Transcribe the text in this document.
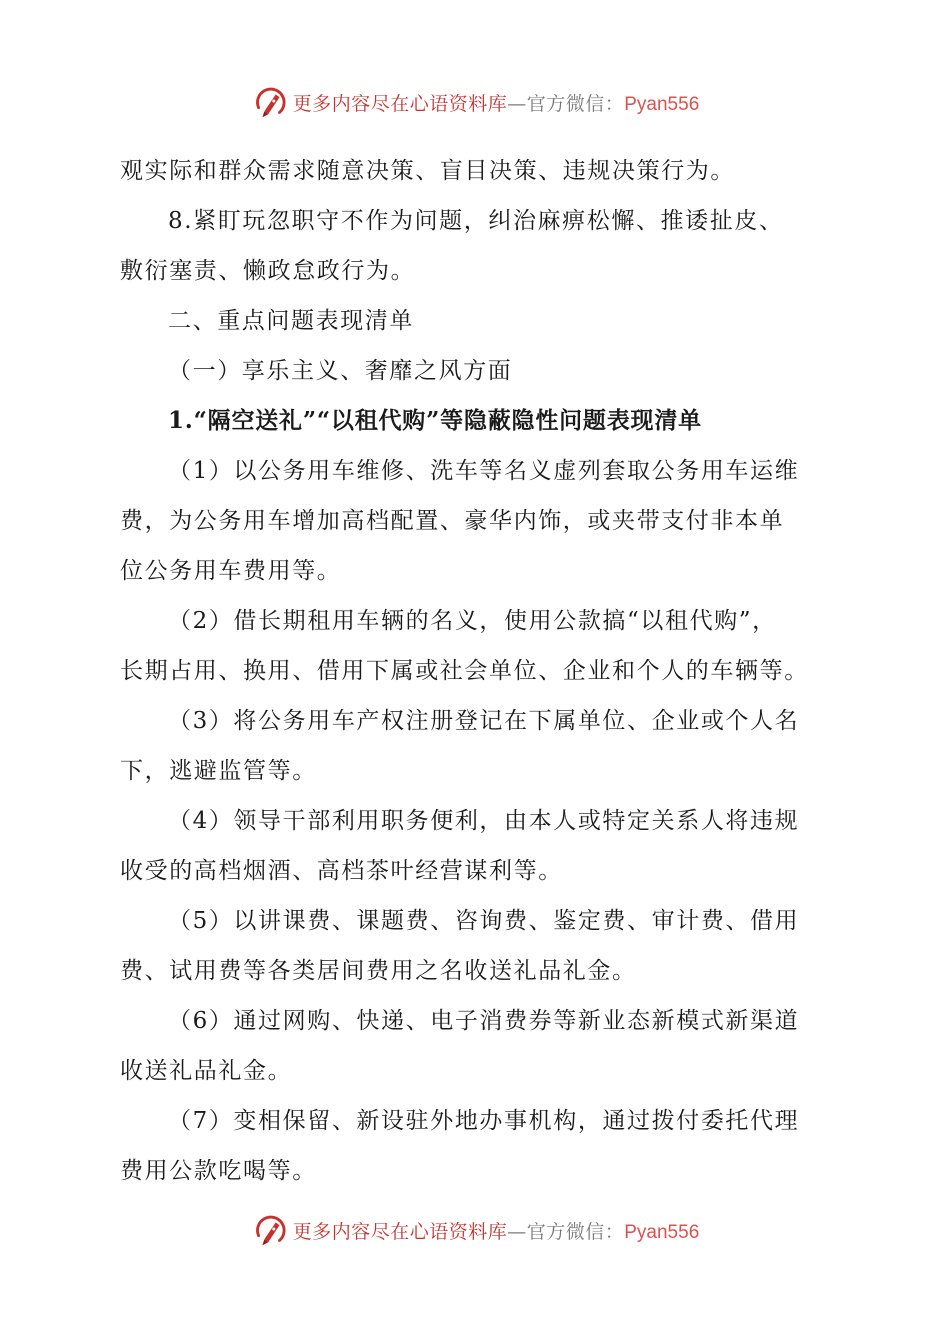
更多内容尽在心语资料库—官方微信：Pyan556
观实际和群众需求随意决策、盲目决策、违规决策行为。
8.紧盯玩忽职守不作为问题，纠治麻痹松懈、推诿扯皮、
敷衍塞责、懒政怠政行为。
二、重点问题表现清单
（一）享乐主义、奢靡之风方面
1.“隔空送礼”“以租代购”等隐蔽隐性问题表现清单
（1）以公务用车维修、洗车等名义虚列套取公务用车运维
费，为公务用车增加高档配置、豪华内饰，或夹带支付非本单
位公务用车费用等。
（2）借长期租用车辆的名义，使用公款搞“以租代购”，
长期占用、换用、借用下属或社会单位、企业和个人的车辆等。
（3）将公务用车产权注册登记在下属单位、企业或个人名
下，逃避监管等。
（4）领导干部利用职务便利，由本人或特定关系人将违规
收受的高档烟酒、高档茶叶经营谋利等。
（5）以讲课费、课题费、咨询费、鉴定费、审计费、借用
费、试用费等各类居间费用之名收送礼品礼金。
（6）通过网购、快递、电子消费券等新业态新模式新渠道
收送礼品礼金。
（7）变相保留、新设驻外地办事机构，通过拨付委托代理
费用公款吃喝等。
更多内容尽在心语资料库—官方微信：Pyan556
